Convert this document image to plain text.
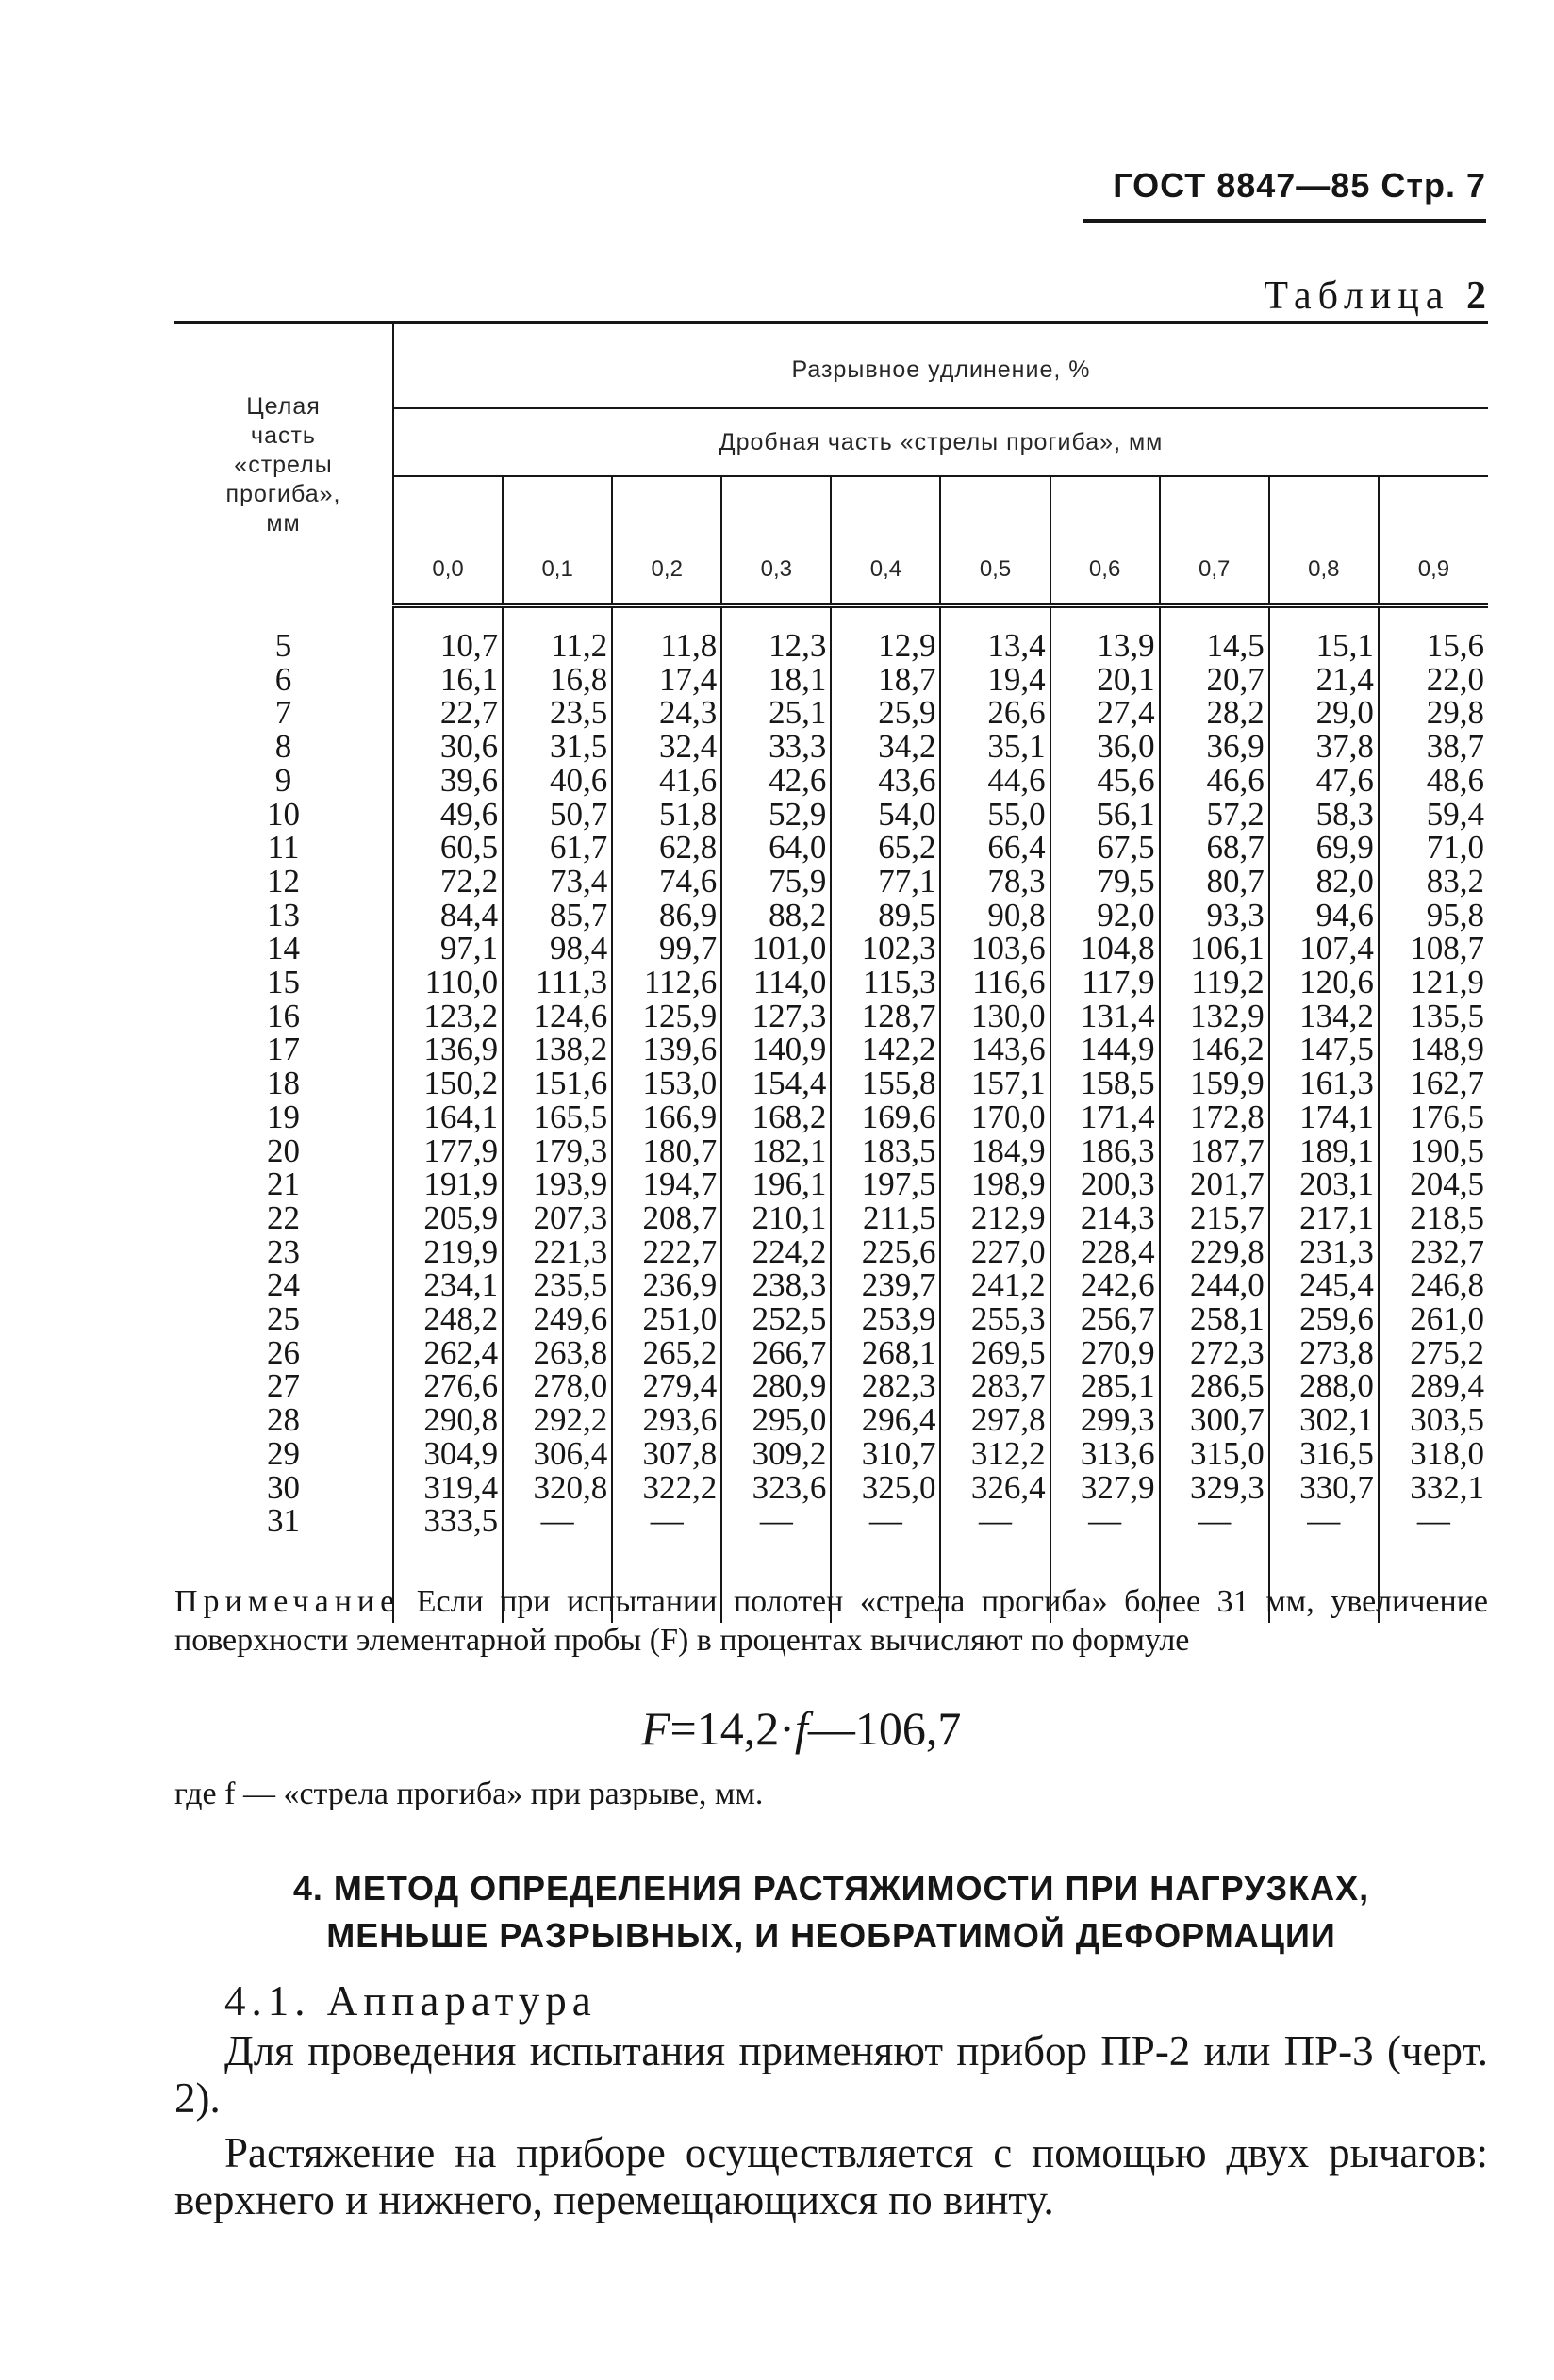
ГОСТ 8847—85 Стр. 7
Таблица 2
Целая
часть
«стрелы
прогиба»,
мм	Разрывное удлинение, %									
	Дробная часть «стрелы прогиба», мм									
	0,0	0,1	0,2	0,3	0,4	0,5	0,6	0,7	0,8	0,9

5	10,7	11,2	11,8	12,3	12,9	13,4	13,9	14,5	15,1	15,6
6	16,1	16,8	17,4	18,1	18,7	19,4	20,1	20,7	21,4	22,0
7	22,7	23,5	24,3	25,1	25,9	26,6	27,4	28,2	29,0	29,8
8	30,6	31,5	32,4	33,3	34,2	35,1	36,0	36,9	37,8	38,7
9	39,6	40,6	41,6	42,6	43,6	44,6	45,6	46,6	47,6	48,6
10	49,6	50,7	51,8	52,9	54,0	55,0	56,1	57,2	58,3	59,4
11	60,5	61,7	62,8	64,0	65,2	66,4	67,5	68,7	69,9	71,0
12	72,2	73,4	74,6	75,9	77,1	78,3	79,5	80,7	82,0	83,2
13	84,4	85,7	86,9	88,2	89,5	90,8	92,0	93,3	94,6	95,8
14	97,1	98,4	99,7	101,0	102,3	103,6	104,8	106,1	107,4	108,7
15	110,0	111,3	112,6	114,0	115,3	116,6	117,9	119,2	120,6	121,9
16	123,2	124,6	125,9	127,3	128,7	130,0	131,4	132,9	134,2	135,5
17	136,9	138,2	139,6	140,9	142,2	143,6	144,9	146,2	147,5	148,9
18	150,2	151,6	153,0	154,4	155,8	157,1	158,5	159,9	161,3	162,7
19	164,1	165,5	166,9	168,2	169,6	170,0	171,4	172,8	174,1	176,5
20	177,9	179,3	180,7	182,1	183,5	184,9	186,3	187,7	189,1	190,5
21	191,9	193,9	194,7	196,1	197,5	198,9	200,3	201,7	203,1	204,5
22	205,9	207,3	208,7	210,1	211,5	212,9	214,3	215,7	217,1	218,5
23	219,9	221,3	222,7	224,2	225,6	227,0	228,4	229,8	231,3	232,7
24	234,1	235,5	236,9	238,3	239,7	241,2	242,6	244,0	245,4	246,8
25	248,2	249,6	251,0	252,5	253,9	255,3	256,7	258,1	259,6	261,0
26	262,4	263,8	265,2	266,7	268,1	269,5	270,9	272,3	273,8	275,2
27	276,6	278,0	279,4	280,9	282,3	283,7	285,1	286,5	288,0	289,4
28	290,8	292,2	293,6	295,0	296,4	297,8	299,3	300,7	302,1	303,5
29	304,9	306,4	307,8	309,2	310,7	312,2	313,6	315,0	316,5	318,0
30	319,4	320,8	322,2	323,6	325,0	326,4	327,9	329,3	330,7	332,1
31	333,5	—	—	—	—	—	—	—	—	—

Примечание Если при испытании полотен «стрела прогиба» более 31 мм, увеличение поверхности элементарной пробы (F) в процентах вычисляют по формуле
F=14,2·f—106,7
где f — «стрела прогиба» при разрыве, мм.
4. МЕТОД ОПРЕДЕЛЕНИЯ РАСТЯЖИМОСТИ ПРИ НАГРУЗКАХ,
МЕНЬШЕ РАЗРЫВНЫХ, И НЕОБРАТИМОЙ ДЕФОРМАЦИИ
4.1. Аппаратура
Для проведения испытания применяют прибор ПР-2 или ПР-3 (черт. 2).
Растяжение на приборе осуществляется с помощью двух рычагов: верхнего и нижнего, перемещающихся по винту.
